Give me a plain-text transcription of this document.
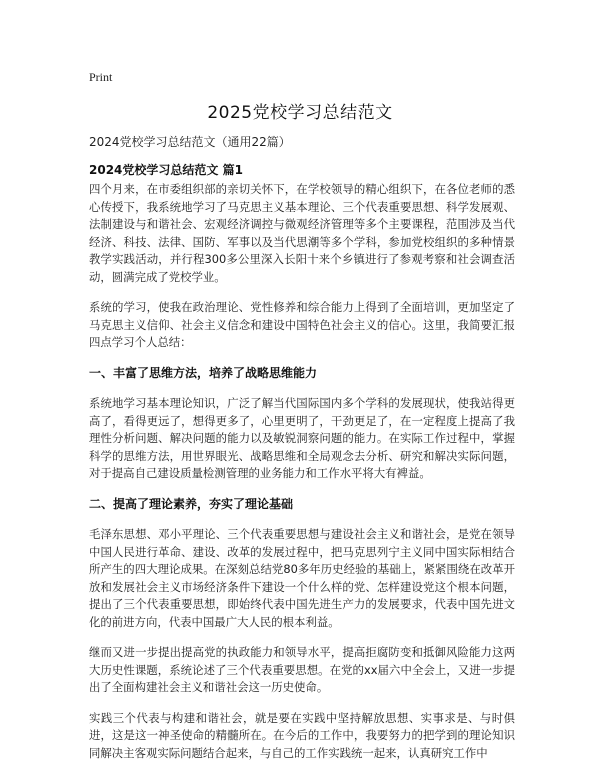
Print
2025党校学习总结范文
2024党校学习总结范文（通用22篇）
2024党校学习总结范文 篇1

四个月来，在市委组织部的亲切关怀下，在学校领导的精心组织下，在各位老师的悉心传授下，我系统地学习了马克思主义基本理论、三个代表重要思想、科学发展观、法制建设与和谐社会、宏观经济调控与微观经济管理等多个主要课程，范围涉及当代经济、科技、法律、国防、军事以及当代思潮等多个学科，参加党校组织的多种情景教学实践活动，并行程300多公里深入长阳十来个乡镇进行了参观考察和社会调查活动，圆满完成了党校学业。

系统的学习，使我在政治理论、党性修养和综合能力上得到了全面培训，更加坚定了马克思主义信仰、社会主义信念和建设中国特色社会主义的信心。这里，我简要汇报四点学习个人总结：

一、丰富了思维方法，培养了战略思维能力

系统地学习基本理论知识，广泛了解当代国际国内多个学科的发展现状，使我站得更高了，看得更远了，想得更多了，心里更明了，干劲更足了，在一定程度上提高了我理性分析问题、解决问题的能力以及敏锐洞察问题的能力。在实际工作过程中，掌握科学的思维方法，用世界眼光、战略思维和全局观念去分析、研究和解决实际问题，对于提高自己建设质量检测管理的业务能力和工作水平将大有裨益。

二、提高了理论素养，夯实了理论基础

毛泽东思想、邓小平理论、三个代表重要思想与建设社会主义和谐社会，是党在领导中国人民进行革命、建设、改革的发展过程中，把马克思列宁主义同中国实际相结合所产生的四大理论成果。在深刻总结党80多年历史经验的基础上，紧紧围绕在改革开放和发展社会主义市场经济条件下建设一个什么样的党、怎样建设党这个根本问题，提出了三个代表重要思想，即始终代表中国先进生产力的发展要求，代表中国先进文化的前进方向，代表中国最广大人民的根本利益。

继而又进一步提出提高党的执政能力和领导水平，提高拒腐防变和抵御风险能力这两大历史性课题，系统论述了三个代表重要思想。在党的xx届六中全会上，又进一步提出了全面构建社会主义和谐社会这一历史使命。

实践三个代表与构建和谐社会，就是要在实践中坚持解放思想、实事求是、与时俱进，这是这一神圣使命的精髓所在。在今后的工作中，我要努力的把学到的理论知识同解决主客观实际问题结合起来，与自己的工作实践统一起来，认真研究工作中
